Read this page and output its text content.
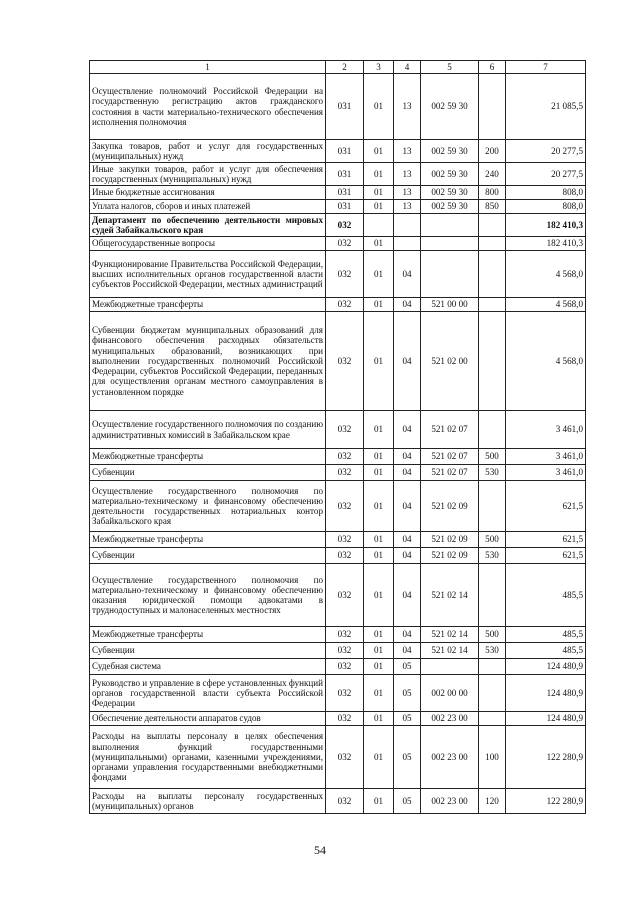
1	2	3	4	5	6	7
Осуществление полномочий Российской Федерации на государственную регистрацию актов гражданского состояния в части материально-технического обеспечения исполнения полномочия	031	01	13	002 59 30		21 085,5
Закупка товаров, работ и услуг для государственных (муниципальных) нужд	031	01	13	002 59 30	200	20 277,5
Иные закупки товаров, работ и услуг для обеспечения государственных (муниципальных) нужд	031	01	13	002 59 30	240	20 277,5
Иные бюджетные ассигнования	031	01	13	002 59 30	800	808,0
Уплата налогов, сборов и иных платежей	031	01	13	002 59 30	850	808,0
Департамент по обеспечению деятельности мировых судей Забайкальского края	032					182 410,3
Общегосударственные вопросы	032	01				182 410,3
Функционирование Правительства Российской Федерации, высших исполнительных органов государственной власти субъектов Российской Федерации, местных администраций	032	01	04			4 568,0
Межбюджетные трансферты	032	01	04	521 00 00		4 568,0
Субвенции бюджетам муниципальных образований для финансового обеспечения расходных обязательств муниципальных образований, возникающих при выполнении государственных полномочий Российской Федерации, субъектов Российской Федерации, переданных для осуществления органам местного самоуправления в установленном порядке	032	01	04	521 02 00		4 568,0
Осуществление государственного полномочия по созданию административных комиссий в Забайкальском крае	032	01	04	521 02 07		3 461,0
Межбюджетные трансферты	032	01	04	521 02 07	500	3 461,0
Субвенции	032	01	04	521 02 07	530	3 461,0
Осуществление государственного полномочия по материально-техническому и финансовому обеспечению деятельности государственных нотариальных контор Забайкальского края	032	01	04	521 02 09		621,5
Межбюджетные трансферты	032	01	04	521 02 09	500	621,5
Субвенции	032	01	04	521 02 09	530	621,5
Осуществление государственного полномочия по материально-техническому и финансовому обеспечению оказания юридической помощи адвокатами в труднодоступных и малонаселенных местностях	032	01	04	521 02 14		485,5
Межбюджетные трансферты	032	01	04	521 02 14	500	485,5
Субвенции	032	01	04	521 02 14	530	485,5
Судебная система	032	01	05			124 480,9
Руководство и управление в сфере установленных функций органов государственной власти субъекта Российской Федерации	032	01	05	002 00 00		124 480,9
Обеспечение деятельности аппаратов судов	032	01	05	002 23 00		124 480,9
Расходы на выплаты персоналу в целях обеспечения выполнения функций государственными (муниципальными) органами, казенными учреждениями, органами управления государственными внебюджетными фондами	032	01	05	002 23 00	100	122 280,9
Расходы на выплаты персоналу государственных (муниципальных) органов	032	01	05	002 23 00	120	122 280,9
54
